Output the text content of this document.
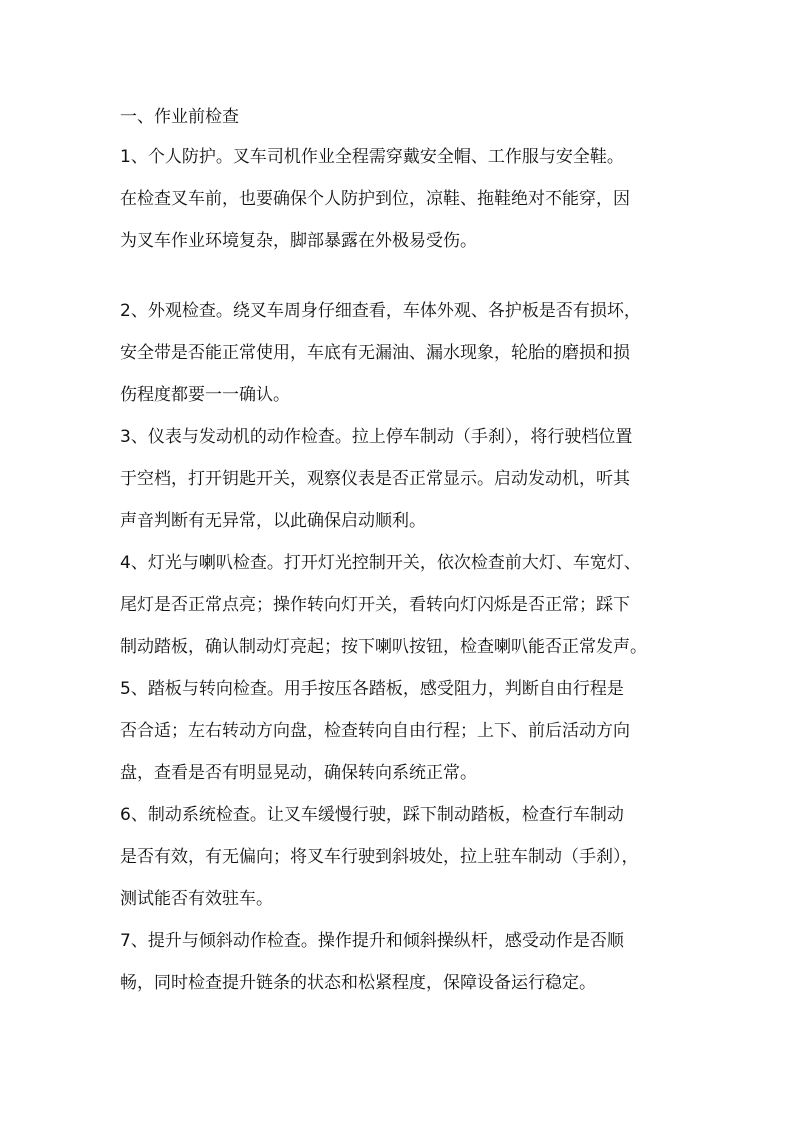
一、作业前检查
1、个人防护。叉车司机作业全程需穿戴安全帽、工作服与安全鞋。
在检查叉车前，也要确保个人防护到位，凉鞋、拖鞋绝对不能穿，因
为叉车作业环境复杂，脚部暴露在外极易受伤。
2、外观检查。绕叉车周身仔细查看，车体外观、各护板是否有损坏，
安全带是否能正常使用，车底有无漏油、漏水现象，轮胎的磨损和损
伤程度都要一一确认。
3、仪表与发动机的动作检查。拉上停车制动（手刹），将行驶档位置
于空档，打开钥匙开关，观察仪表是否正常显示。启动发动机，听其
声音判断有无异常，以此确保启动顺利。
4、灯光与喇叭检查。打开灯光控制开关，依次检查前大灯、车宽灯、
尾灯是否正常点亮；操作转向灯开关，看转向灯闪烁是否正常；踩下
制动踏板，确认制动灯亮起；按下喇叭按钮，检查喇叭能否正常发声。
5、踏板与转向检查。用手按压各踏板，感受阻力，判断自由行程是
否合适；左右转动方向盘，检查转向自由行程；上下、前后活动方向
盘，查看是否有明显晃动，确保转向系统正常。
6、制动系统检查。让叉车缓慢行驶，踩下制动踏板，检查行车制动
是否有效，有无偏向；将叉车行驶到斜坡处，拉上驻车制动（手刹），
测试能否有效驻车。
7、提升与倾斜动作检查。操作提升和倾斜操纵杆，感受动作是否顺
畅，同时检查提升链条的状态和松紧程度，保障设备运行稳定。
